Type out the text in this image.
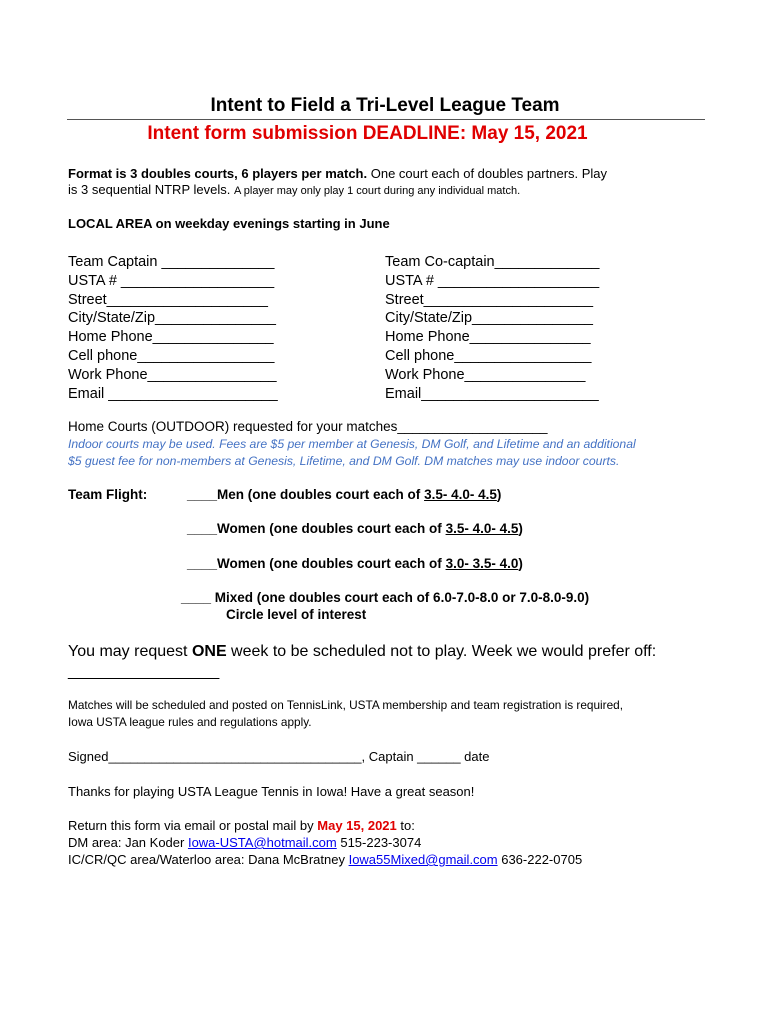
Intent to Field a Tri-Level League Team
Intent form submission DEADLINE: May 15, 2021
Format is 3 doubles courts, 6 players per match. One court each of doubles partners. Play
is 3 sequential NTRP levels. A player may only play 1 court during any individual match.
LOCAL AREA on weekday evenings starting in June
Team Captain ______________
USTA # ___________________
Street____________________
City/State/Zip_______________
Home Phone_______________
Cell phone_________________
Work Phone________________
Email _____________________
Team Co-captain_____________
USTA # ____________________
Street_____________________
City/State/Zip_______________
Home Phone_______________
Cell phone_________________
Work Phone_______________
Email______________________
Home Courts (OUTDOOR) requested for your matches____________________
Indoor courts may be used. Fees are $5 per member at Genesis, DM Golf, and Lifetime and an additional
$5 guest fee for non-members at Genesis, Lifetime, and DM Golf. DM matches may use indoor courts.
Team Flight:	____Men (one doubles court each of 3.5- 4.0- 4.5)
____Women (one doubles court each of 3.5- 4.0- 4.5)
____Women (one doubles court each of 3.0- 3.5- 4.0)
____ Mixed (one doubles court each of 6.0-7.0-8.0 or 7.0-8.0-9.0)
Circle level of interest
You may request ONE week to be scheduled not to play. Week we would prefer off:
_________________
Matches will be scheduled and posted on TennisLink, USTA membership and team registration is required,
Iowa USTA league rules and regulations apply.
Signed___________________________________, Captain ______ date
Thanks for playing USTA League Tennis in Iowa! Have a great season!
Return this form via email or postal mail by May 15, 2021 to:
DM area: Jan Koder Iowa-USTA@hotmail.com 515-223-3074
IC/CR/QC area/Waterloo area: Dana McBratney Iowa55Mixed@gmail.com 636-222-0705
